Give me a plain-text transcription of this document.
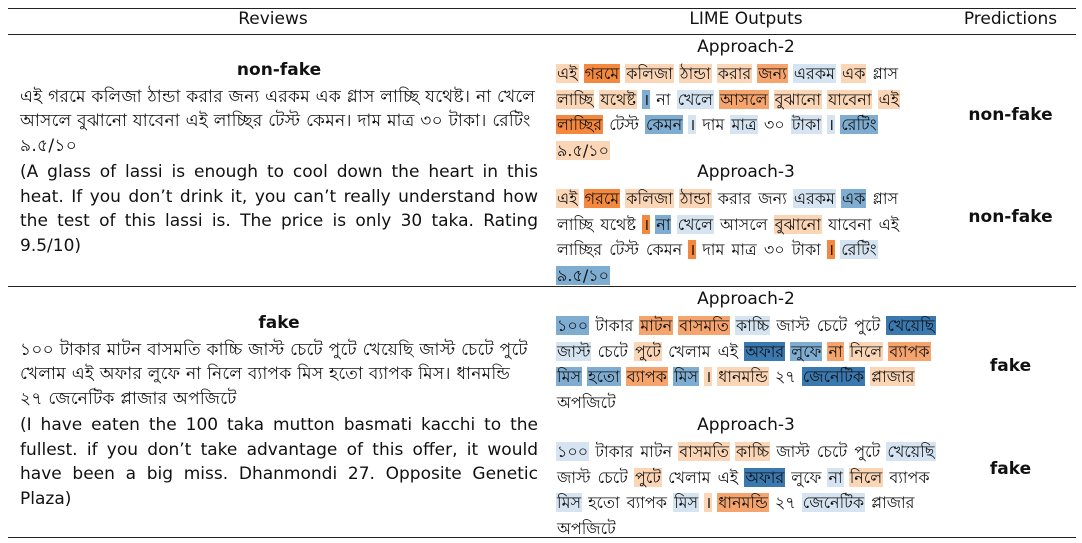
Reviews	LIME Outputs	Predictions
non-fake
এই গরমে কলিজা ঠান্ডা করার জন্য এরকম এক গ্লাস লাচ্ছি যথেষ্ট। না খেলে আসলে বুঝানো যাবেনা এই লাচ্ছির টেস্ট কেমন। দাম মাত্র ৩০ টাকা। রেটিং ৯.৫/১০
(A glass of lassi is enough to cool down the heart in this heat. If you don’t drink it, you can’t really understand how the test of this lassi is. The price is only 30 taka. Rating 9.5/10)
Approach-2
এই গরমে কলিজা ঠান্ডা করার জন্য এরকম এক গ্লাস লাচ্ছি যথেষ্ট । না খেলে আসলে বুঝানো যাবেনা এই লাচ্ছির টেস্ট কেমন । দাম মাত্র ৩০ টাকা । রেটিং ৯.৫/১০
non-fake
Approach-3
এই গরমে কলিজা ঠান্ডা করার জন্য এরকম এক গ্লাস লাচ্ছি যথেষ্ট । না খেলে আসলে বুঝানো যাবেনা এই লাচ্ছির টেস্ট কেমন । দাম মাত্র ৩০ টাকা । রেটিং ৯.৫/১০
non-fake
fake
১০০ টাকার মাটন বাসমতি কাচ্চি জাস্ট চেটে পুটে খেয়েছি জাস্ট চেটে পুটে খেলাম এই অফার লুফে না নিলে ব্যাপক মিস হতো ব্যাপক মিস। ধানমন্ডি ২৭ জেনেটিক প্লাজার অপজিটে
(I have eaten the 100 taka mutton basmati kacchi to the fullest. if you don’t take advantage of this offer, it would have been a big miss. Dhanmondi 27. Opposite Genetic Plaza)
Approach-2
১০০ টাকার মাটন বাসমতি কাচ্চি জাস্ট চেটে পুটে খেয়েছি জাস্ট চেটে পুটে খেলাম এই অফার লুফে না নিলে ব্যাপক মিস হতো ব্যাপক মিস । ধানমন্ডি ২৭ জেনেটিক প্লাজার অপজিটে
fake
Approach-3
১০০ টাকার মাটন বাসমতি কাচ্চি জাস্ট চেটে পুটে খেয়েছি জাস্ট চেটে পুটে খেলাম এই অফার লুফে না নিলে ব্যাপক মিস হতো ব্যাপক মিস । ধানমন্ডি ২৭ জেনেটিক প্লাজার অপজিটে
fake
